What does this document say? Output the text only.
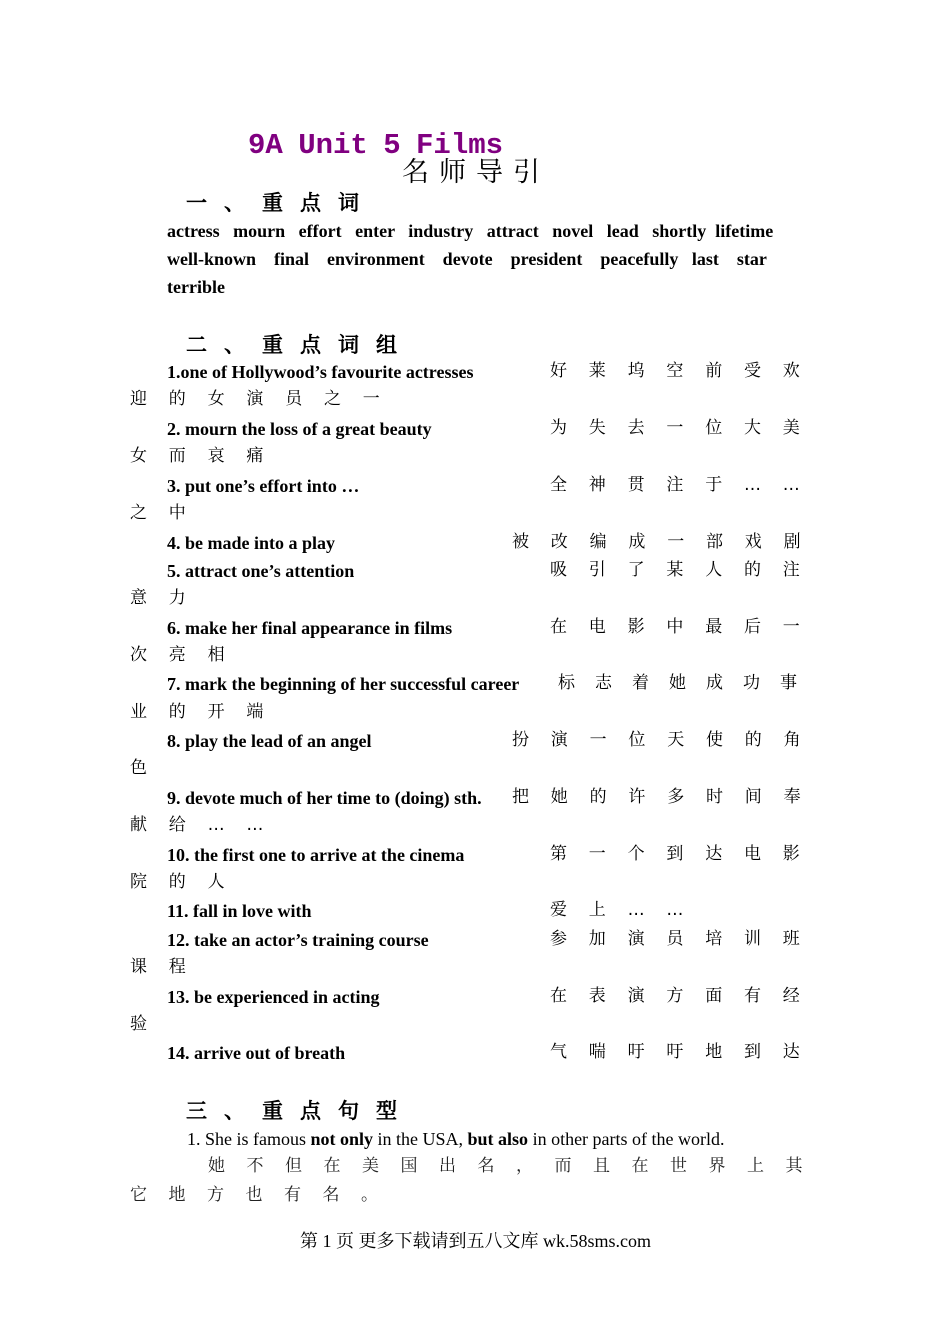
9A Unit 5 Films
名师导引
一、重点词
actress   mourn   effort   enter   industry   attract   novel   lead   shortly  lifetime
well-known    final    environment    devote    president    peacefully   last    star
terrible
二、重点词组
1.one of Hollywood’s favourite actresses	好莱坞空前受欢
迎的女演员之一
2. mourn the loss of a great beauty	为失去一位大美
女而哀痛
3. put one’s effort into …	全神贯注于……
之中
4. be made into a play	被改编成一部戏剧
5. attract one’s attention	吸引了某人的注
意力
6. make her final appearance in films	在电影中最后一
次亮相
7. mark the beginning of her successful career 标志着她成功事
业的开端
8. play the lead of an angel	扮演一位天使的角
色
9. devote much of her time to (doing) sth. 把她的许多时间奉
献给……
10. the first one to arrive at the cinema	第一个到达电影
院的人
11. fall in love with	爱上……
12. take an actor’s training course	参加演员培训班
课程
13. be experienced in acting	在表演方面有经
验
14. arrive out of breath	气喘吁吁地到达
三、重点句型
1. She is famous not only in the USA, but also in other parts of the world.
她不但在美国出名，而且在世界上其
它地方也有名。
第 1 页 更多下载请到五八文库 wk.58sms.com
